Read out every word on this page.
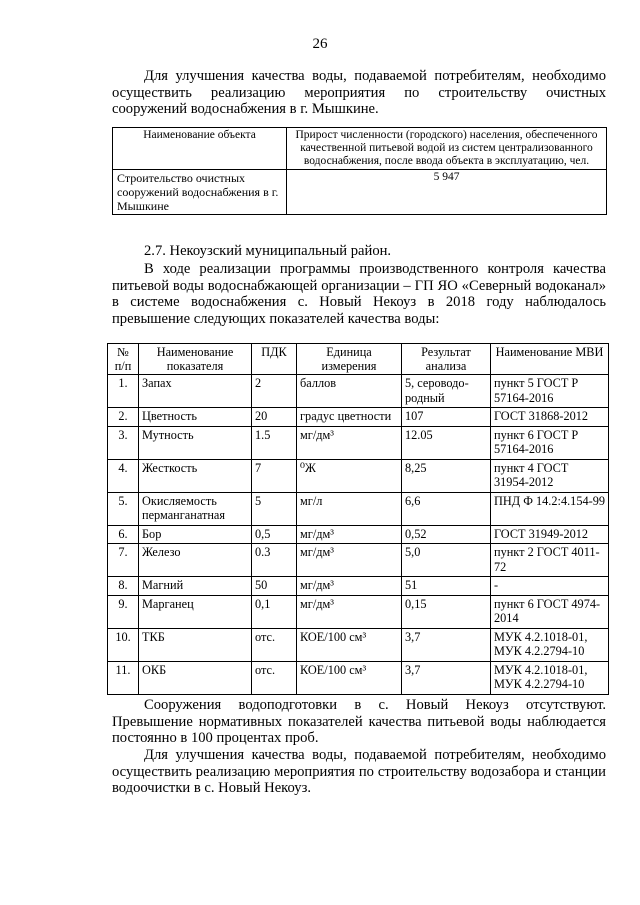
26
Для улучшения качества воды, подаваемой потребителям, необходимо осуществить реализацию мероприятия по строительству очистных сооружений водоснабжения в г. Мышкине.
Наименование объекта	Прирост численности (городского) населения, обеспеченного качественной питьевой водой из систем централизованного водоснабжения, после ввода объекта в эксплуатацию, чел.
Строительство очистных сооружений водоснабжения в г. Мышкине	5 947
2.7. Некоузский муниципальный район.
В ходе реализации программы производственного контроля качества питьевой воды водоснабжающей организации – ГП ЯО «Северный водоканал» в системе водоснабжения с. Новый Некоуз в 2018 году наблюдалось превышение следующих показателей качества воды:
№ п/п	Наименование показателя	ПДК	Единица измерения	Результат анализа	Наименование МВИ
1.	Запах	2	баллов	5, сероводо-родный	пункт 5 ГОСТ Р 57164-2016
2.	Цветность	20	градус цветности	107	ГОСТ 31868-2012
3.	Мутность	1.5	мг/дм³	12.05	пункт 6 ГОСТ Р 57164-2016
4.	Жесткость	7	⁰Ж	8,25	пункт 4 ГОСТ 31954-2012
5.	Окисляемость перманганатная	5	мг/л	6,6	ПНД Ф 14.2:4.154-99
6.	Бор	0,5	мг/дм³	0,52	ГОСТ 31949-2012
7.	Железо	0.3	мг/дм³	5,0	пункт 2 ГОСТ 4011-72
8.	Магний	50	мг/дм³	51	-
9.	Марганец	0,1	мг/дм³	0,15	пункт 6 ГОСТ 4974-2014
10.	ТКБ	отс.	КОЕ/100 см³	3,7	МУК 4.2.1018-01, МУК 4.2.2794-10
11.	ОКБ	отс.	КОЕ/100 см³	3,7	МУК 4.2.1018-01, МУК 4.2.2794-10
Сооружения водоподготовки в с. Новый Некоуз отсутствуют. Превышение нормативных показателей качества питьевой воды наблюдается постоянно в 100 процентах проб.
Для улучшения качества воды, подаваемой потребителям, необходимо осуществить реализацию мероприятия по строительству водозабора и станции водоочистки в с. Новый Некоуз.
